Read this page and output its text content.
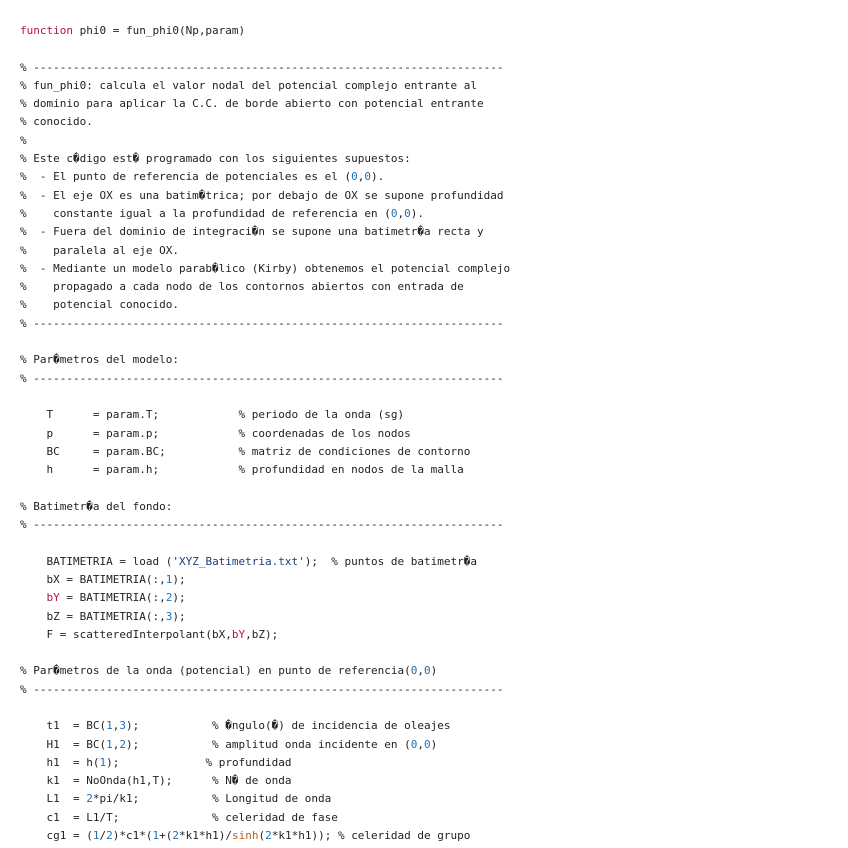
function phi0 = fun_phi0(Np,param)
% -----------------------------------------------------------------------
% fun_phi0: calcula el valor nodal del potencial complejo entrante al
% dominio para aplicar la C.C. de borde abierto con potencial entrante
% conocido.
%
% Este c�digo est� programado con los siguientes supuestos:
%  - El punto de referencia de potenciales es el (0,0).
%  - El eje OX es una batim�trica; por debajo de OX se supone profundidad
%    constante igual a la profundidad de referencia en (0,0).
%  - Fuera del dominio de integraci�n se supone una batimetr�a recta y
%    paralela al eje OX.
%  - Mediante un modelo parab�lico (Kirby) obtenemos el potencial complejo
%    propagado a cada nodo de los contornos abiertos con entrada de
%    potencial conocido.
% -----------------------------------------------------------------------
% Par�metros del modelo:
% -----------------------------------------------------------------------
T      = param.T;            % periodo de la onda (sg)
p      = param.p;            % coordenadas de los nodos
BC     = param.BC;           % matriz de condiciones de contorno
h      = param.h;            % profundidad en nodos de la malla
% Batimetr�a del fondo:
% -----------------------------------------------------------------------
BATIMETRIA = load ('XYZ_Batimetria.txt');  % puntos de batimetr�a
bX = BATIMETRIA(:,1);
bY = BATIMETRIA(:,2);
bZ = BATIMETRIA(:,3);
F = scatteredInterpolant(bX,bY,bZ);
% Par�metros de la onda (potencial) en punto de referencia(0,0)
% -----------------------------------------------------------------------
t1  = BC(1,3);           % �ngulo(�) de incidencia de oleajes
H1  = BC(1,2);           % amplitud onda incidente en (0,0)
h1  = h(1);             % profundidad
k1  = NoOnda(h1,T);      % N� de onda
L1  = 2*pi/k1;           % Longitud de onda
c1  = L1/T;              % celeridad de fase
cg1 = (1/2)*c1*(1+(2*k1*h1)/sinh(2*k1*h1)); % celeridad de grupo
